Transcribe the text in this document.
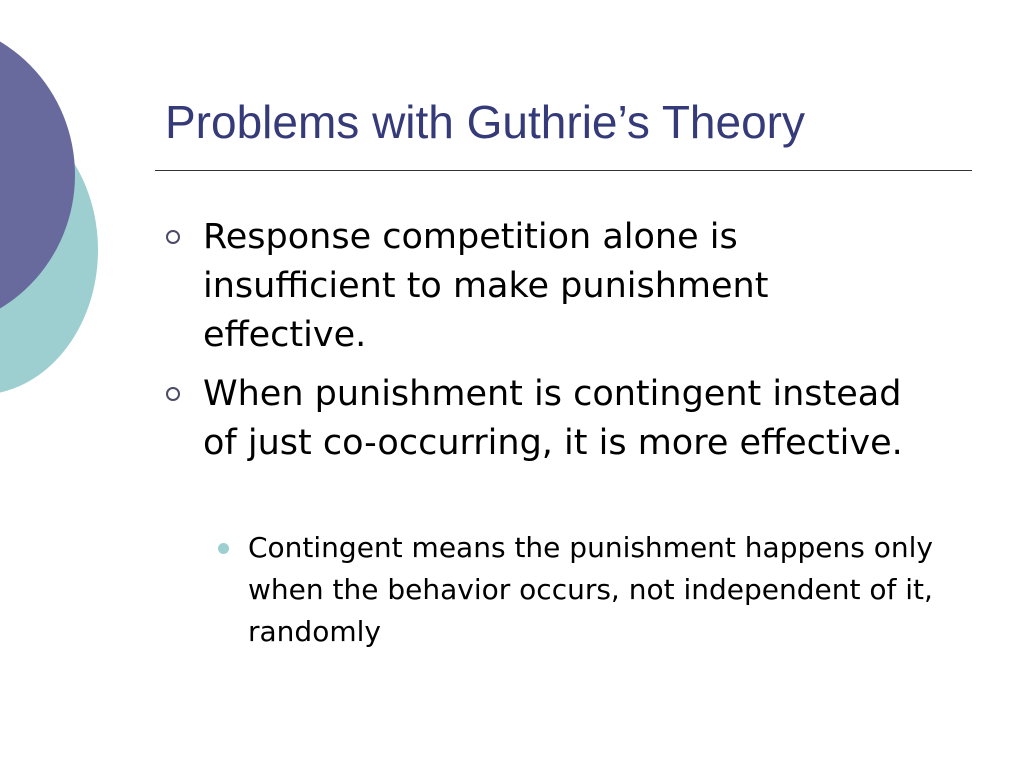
Problems with Guthrie’s Theory
Response competition alone is insufficient to make punishment effective.
When punishment is contingent instead of just co-occurring, it is more effective.
Contingent means the punishment happens only when the behavior occurs, not independent of it, randomly
